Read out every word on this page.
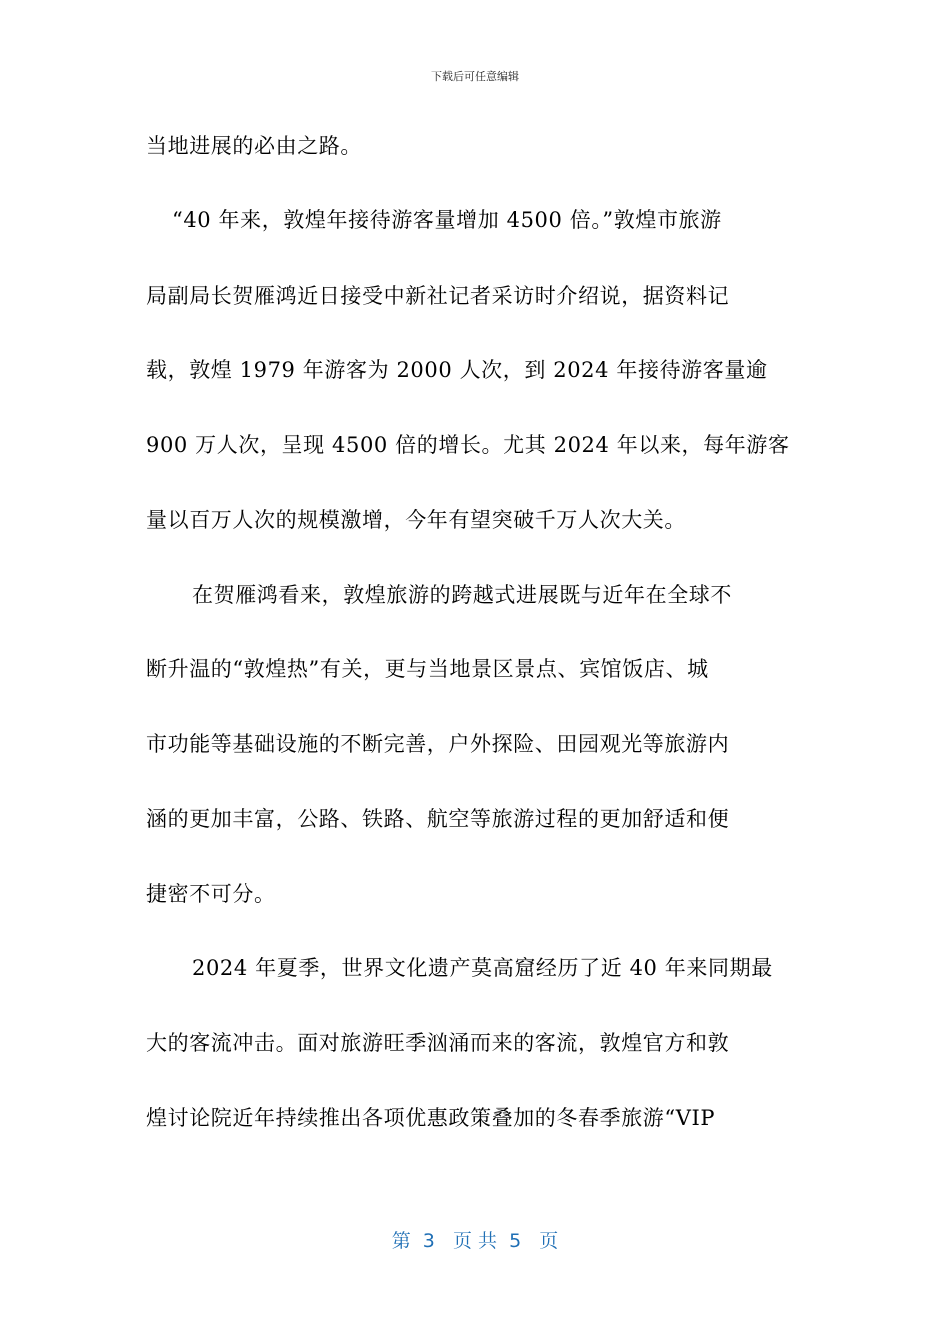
下载后可任意编辑
当地进展的必由之路。
“40 年来，敦煌年接待游客量增加 4500 倍。”敦煌市旅游
局副局长贺雁鸿近日接受中新社记者采访时介绍说，据资料记
载，敦煌 1979 年游客为 2000 人次，到 2024 年接待游客量逾
900 万人次，呈现 4500 倍的增长。尤其 2024 年以来，每年游客
量以百万人次的规模激增，今年有望突破千万人次大关。
在贺雁鸿看来，敦煌旅游的跨越式进展既与近年在全球不
断升温的“敦煌热”有关，更与当地景区景点、宾馆饭店、城
市功能等基础设施的不断完善，户外探险、田园观光等旅游内
涵的更加丰富，公路、铁路、航空等旅游过程的更加舒适和便
捷密不可分。
2024 年夏季，世界文化遗产莫高窟经历了近 40 年来同期最
大的客流冲击。面对旅游旺季汹涌而来的客流，敦煌官方和敦
煌讨论院近年持续推出各项优惠政策叠加的冬春季旅游“VIP
第  3   页 共  5   页
